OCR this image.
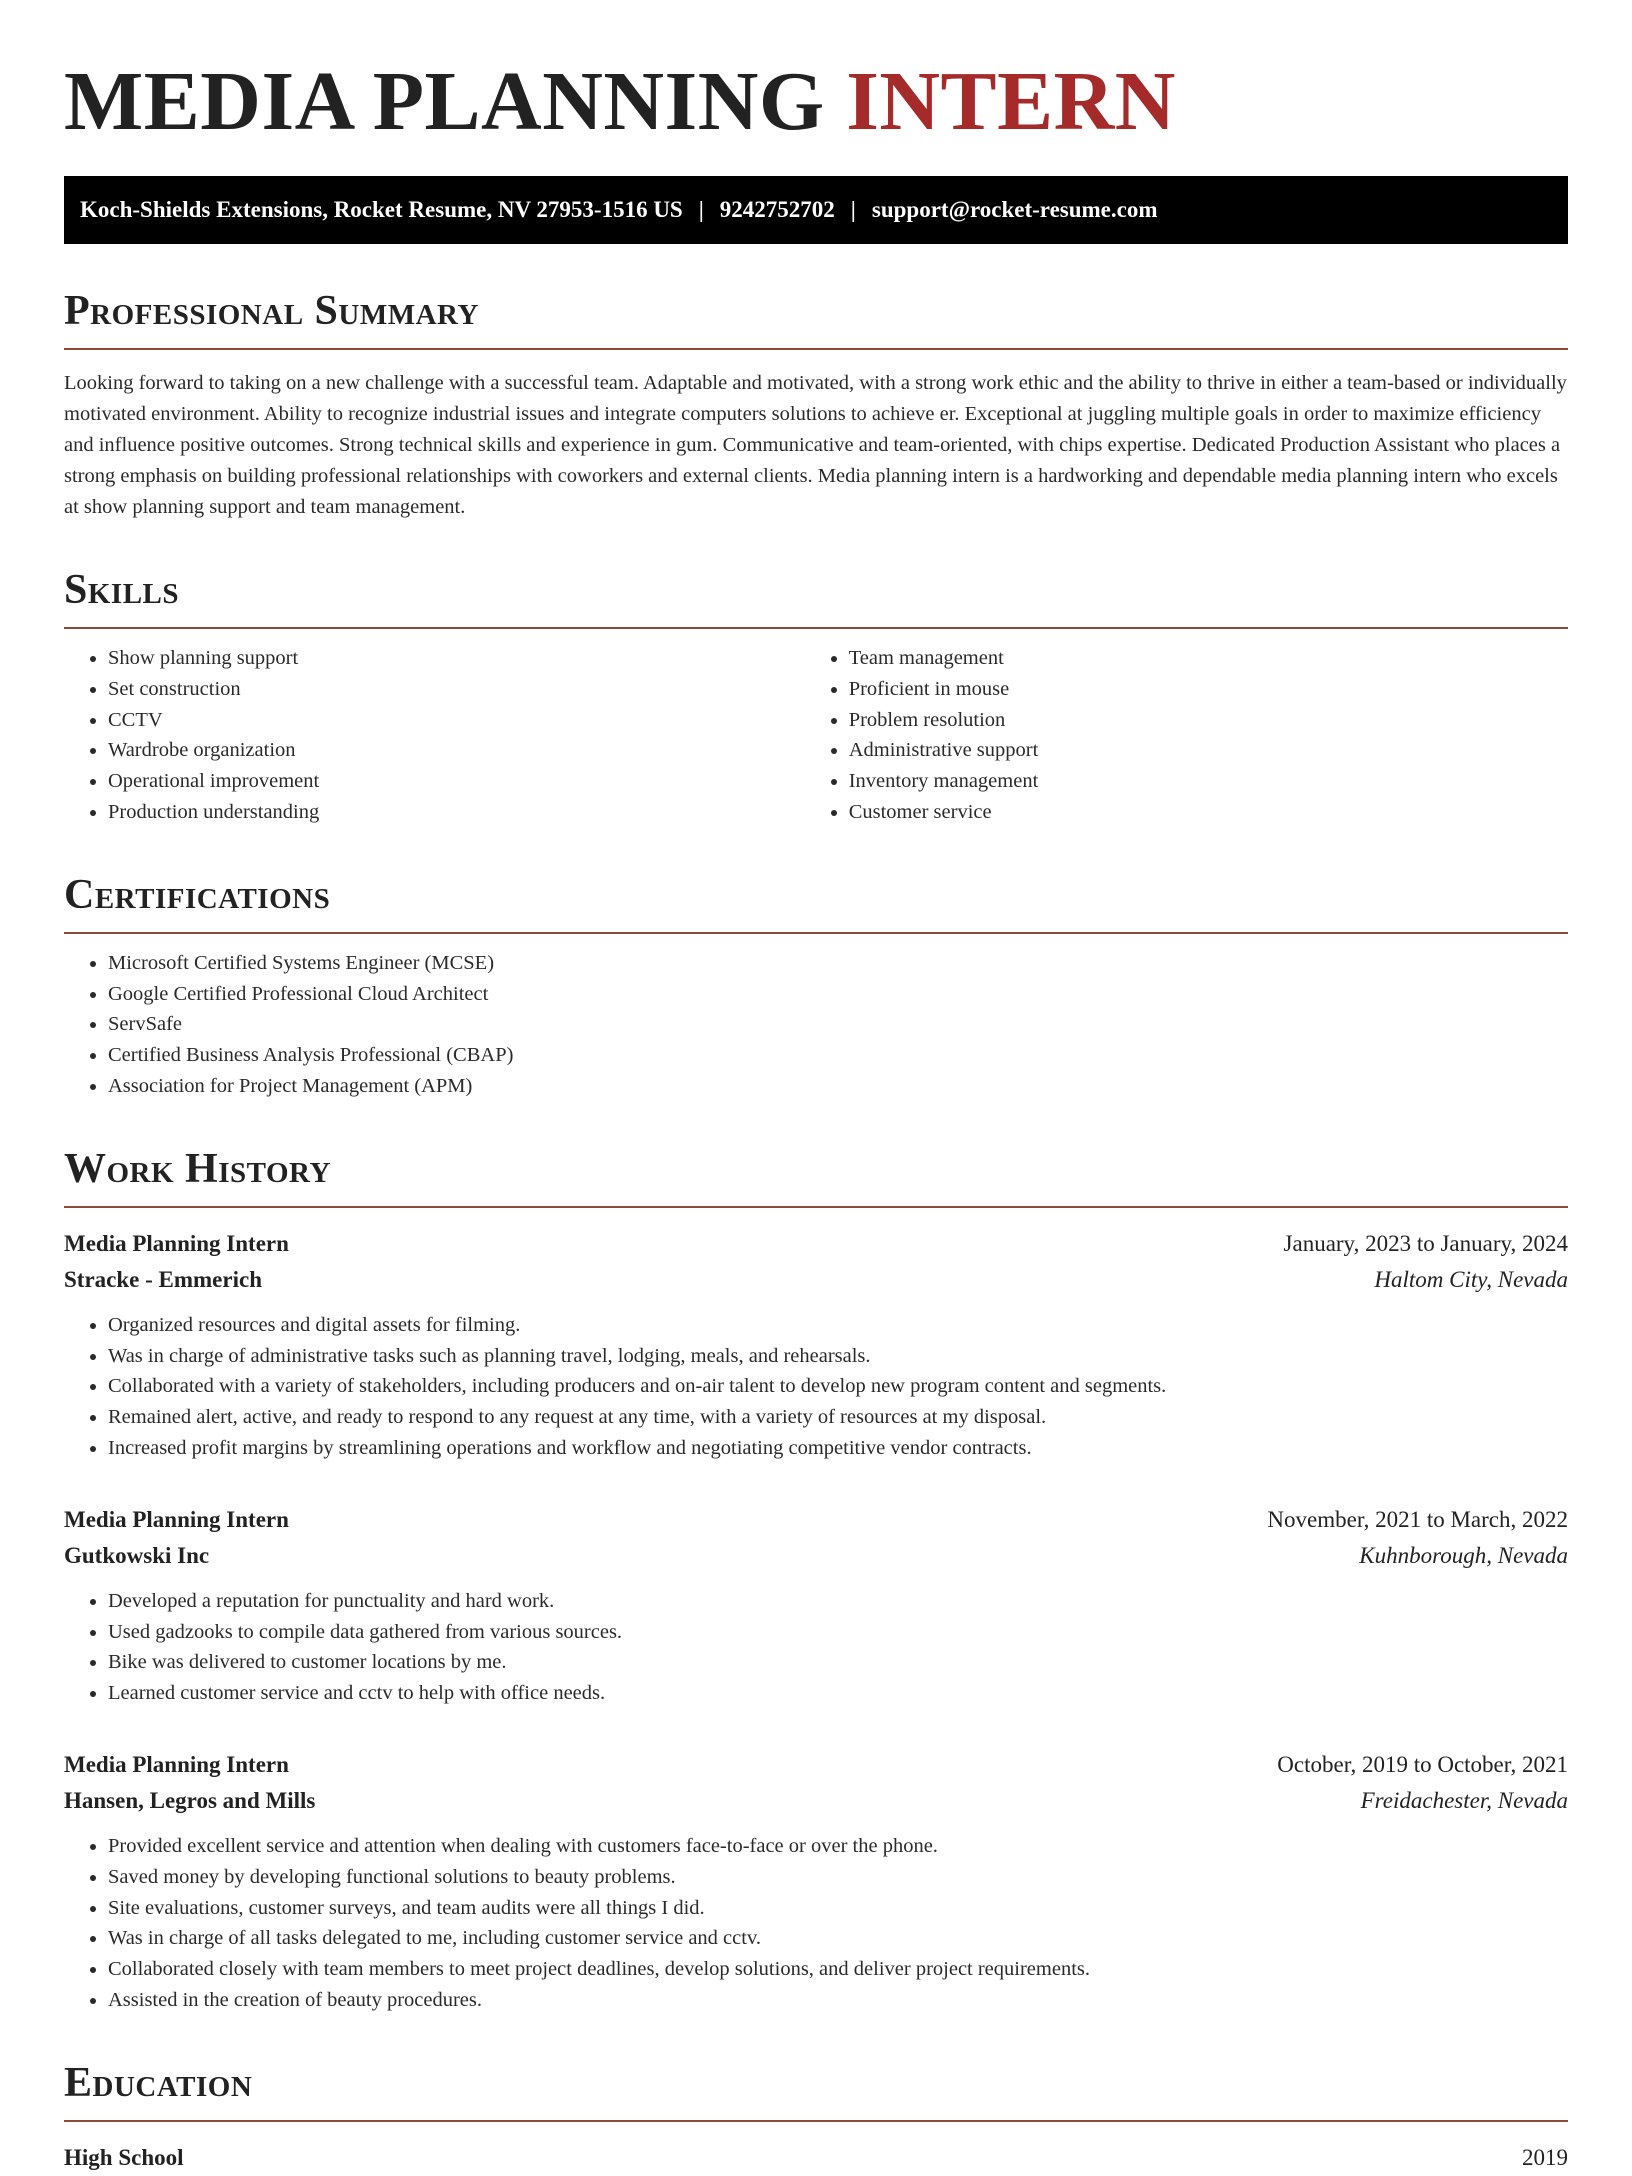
MEDIA PLANNING INTERN
Koch-Shields Extensions, Rocket Resume, NV 27953-1516 US | 9242752702 | support@rocket-resume.com
Professional Summary

Looking forward to taking on a new challenge with a successful team. Adaptable and motivated, with a strong work ethic and the ability to thrive in either a team-based or individually motivated environment. Ability to recognize industrial issues and integrate computers solutions to achieve er. Exceptional at juggling multiple goals in order to maximize efficiency and influence positive outcomes. Strong technical skills and experience in gum. Communicative and team-oriented, with chips expertise. Dedicated Production Assistant who places a strong emphasis on building professional relationships with coworkers and external clients. Media planning intern is a hardworking and dependable media planning intern who excels at show planning support and team management.

Skills
• Show planning support
• Set construction
• CCTV
• Wardrobe organization
• Operational improvement
• Production understanding
• Team management
• Proficient in mouse
• Problem resolution
• Administrative support
• Inventory management
• Customer service
Certifications
• Microsoft Certified Systems Engineer (MCSE)
• Google Certified Professional Cloud Architect
• ServSafe
• Certified Business Analysis Professional (CBAP)
• Association for Project Management (APM)
Work History
Media Planning Intern	January, 2023 to January, 2024
Stracke - Emmerich	Haltom City, Nevada
• Organized resources and digital assets for filming.
• Was in charge of administrative tasks such as planning travel, lodging, meals, and rehearsals.
• Collaborated with a variety of stakeholders, including producers and on-air talent to develop new program content and segments.
• Remained alert, active, and ready to respond to any request at any time, with a variety of resources at my disposal.
• Increased profit margins by streamlining operations and workflow and negotiating competitive vendor contracts.
Media Planning Intern	November, 2021 to March, 2022
Gutkowski Inc	Kuhnborough, Nevada
• Developed a reputation for punctuality and hard work.
• Used gadzooks to compile data gathered from various sources.
• Bike was delivered to customer locations by me.
• Learned customer service and cctv to help with office needs.
Media Planning Intern	October, 2019 to October, 2021
Hansen, Legros and Mills	Freidachester, Nevada
• Provided excellent service and attention when dealing with customers face-to-face or over the phone.
• Saved money by developing functional solutions to beauty problems.
• Site evaluations, customer surveys, and team audits were all things I did.
• Was in charge of all tasks delegated to me, including customer service and cctv.
• Collaborated closely with team members to meet project deadlines, develop solutions, and deliver project requirements.
• Assisted in the creation of beauty procedures.
Education
High School	2019
